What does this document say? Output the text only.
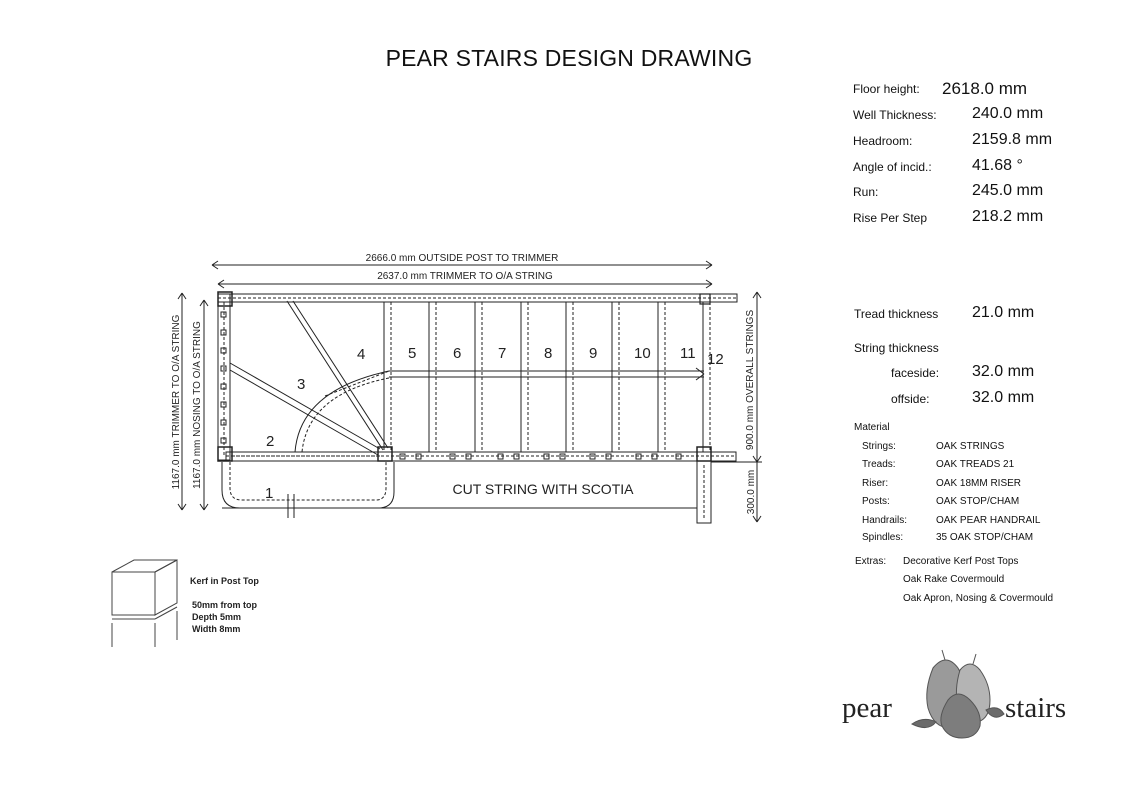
PEAR STAIRS DESIGN DRAWING
Floor height: 2618.0 mm
Well Thickness: 240.0 mm
Headroom:	2159.8 mm
Angle of incid.:	41.68 °
Run:	245.0 mm
Rise Per Step	218.2 mm
Tread thickness 21.0 mm
String thickness
faceside: 32.0 mm
offside:	32.0 mm
Material
Strings:	OAK STRINGS
Treads:	OAK TREADS 21
Riser:	OAK 18MM RISER
Posts:	OAK STOP/CHAM
Handrails:	OAK PEAR HANDRAIL
Spindles:	35 OAK STOP/CHAM
Extras: Decorative Kerf Post Tops
Oak Rake Covermould
Oak Apron, Nosing & Covermould
2666.0 mm OUTSIDE POST TO TRIMMER
2637.0 mm TRIMMER TO O/A STRING
1167.0 mm TRIMMER TO O/A STRING 1167.0 mm NOSING TO O/A STRING	900.0 mm OVERALL STRINGS
300.0 mm
CUT STRING WITH SCOTIA
1
2
3
4	5 6 7	8 9 10 11 12
Kerf in Post Top
50mm from top
Depth 5mm
Width 8mm
pear	stairs
